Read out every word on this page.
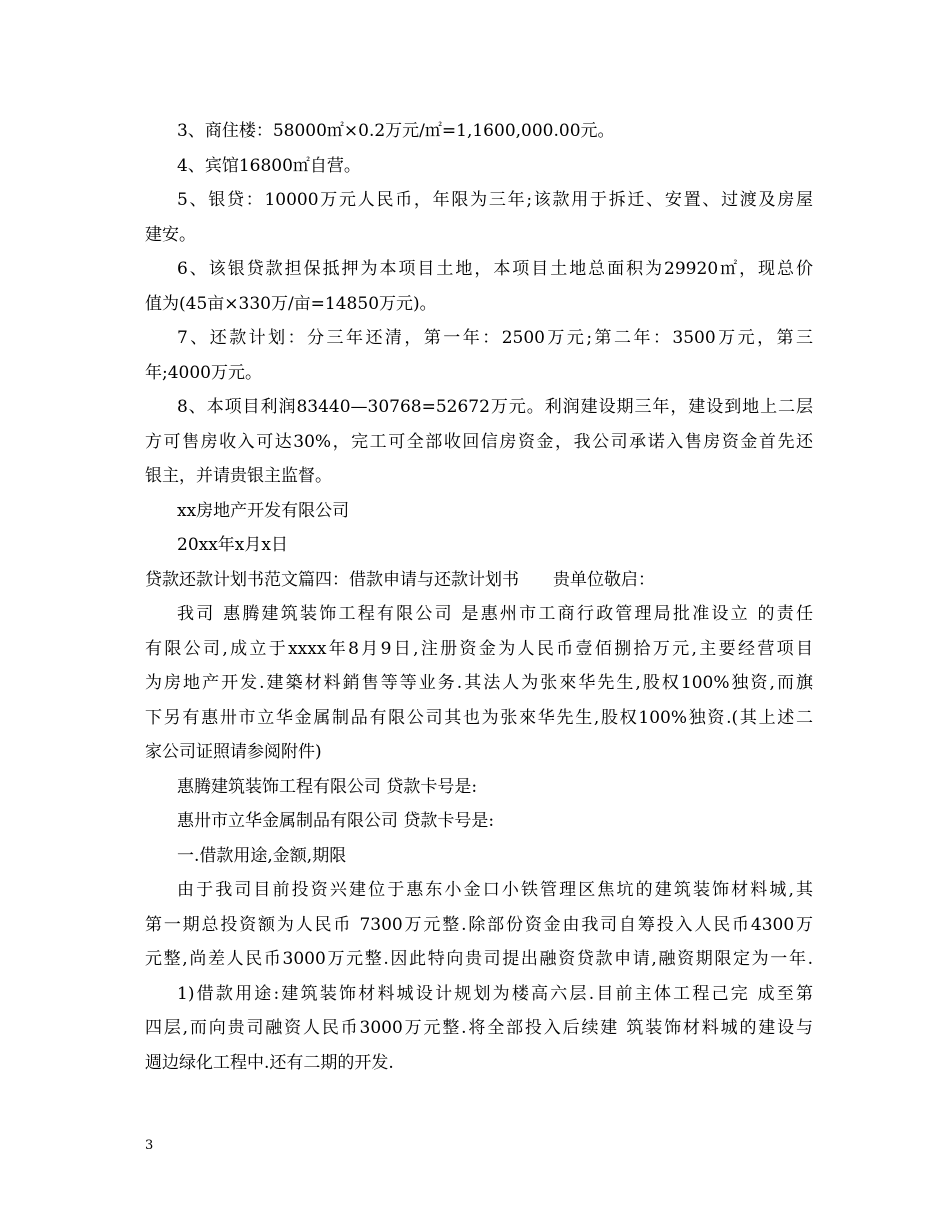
3、商住楼：58000㎡×0.2万元/㎡=1,1600,000.00元。
4、宾馆16800㎡自营。
5、银贷：10000万元人民币，年限为三年;该款用于拆迁、安置、过渡及房屋
建安。
6、该银贷款担保抵押为本项目土地，本项目土地总面积为29920㎡，现总价
值为(45亩×330万/亩=14850万元)。
7、还款计划：分三年还清，第一年：2500万元;第二年：3500万元，第三
年;4000万元。
8、本项目利润83440—30768=52672万元。利润建设期三年，建设到地上二层
方可售房收入可达30%，完工可全部收回信房资金，我公司承诺入售房资金首先还
银主，并请贵银主监督。
xx房地产开发有限公司
20xx年x月x日
贷款还款计划书范文篇四：借款申请与还款计划书　　贵单位敬启：
我司 惠腾建筑装饰工程有限公司 是惠州市工商行政管理局批准设立 的责任
有限公司,成立于xxxx年8月9日,注册资金为人民币壹佰捌拾万元,主要经营项目
为房地产开发.建築材料銷售等等业务.其法人为张來华先生,股权100%独资,而旗
下另有惠卅市立华金属制品有限公司其也为张來华先生,股权100%独资.(其上述二
家公司证照请参阅附件)
惠腾建筑装饰工程有限公司 贷款卡号是:
惠卅市立华金属制品有限公司 贷款卡号是:
一.借款用途,金额,期限
由于我司目前投资兴建位于惠东小金口小铁管理区焦坑的建筑装饰材料城,其
第一期总投资额为人民币 7300万元整.除部份资金由我司自筹投入人民币4300万
元整,尚差人民币3000万元整.因此特向贵司提出融资贷款申请,融资期限定为一年.
1)借款用途:建筑装饰材料城设计规划为楼高六层.目前主体工程己完 成至第
四层,而向贵司融资人民币3000万元整.将全部投入后续建 筑装饰材料城的建设与
週边绿化工程中.还有二期的开发.
3
